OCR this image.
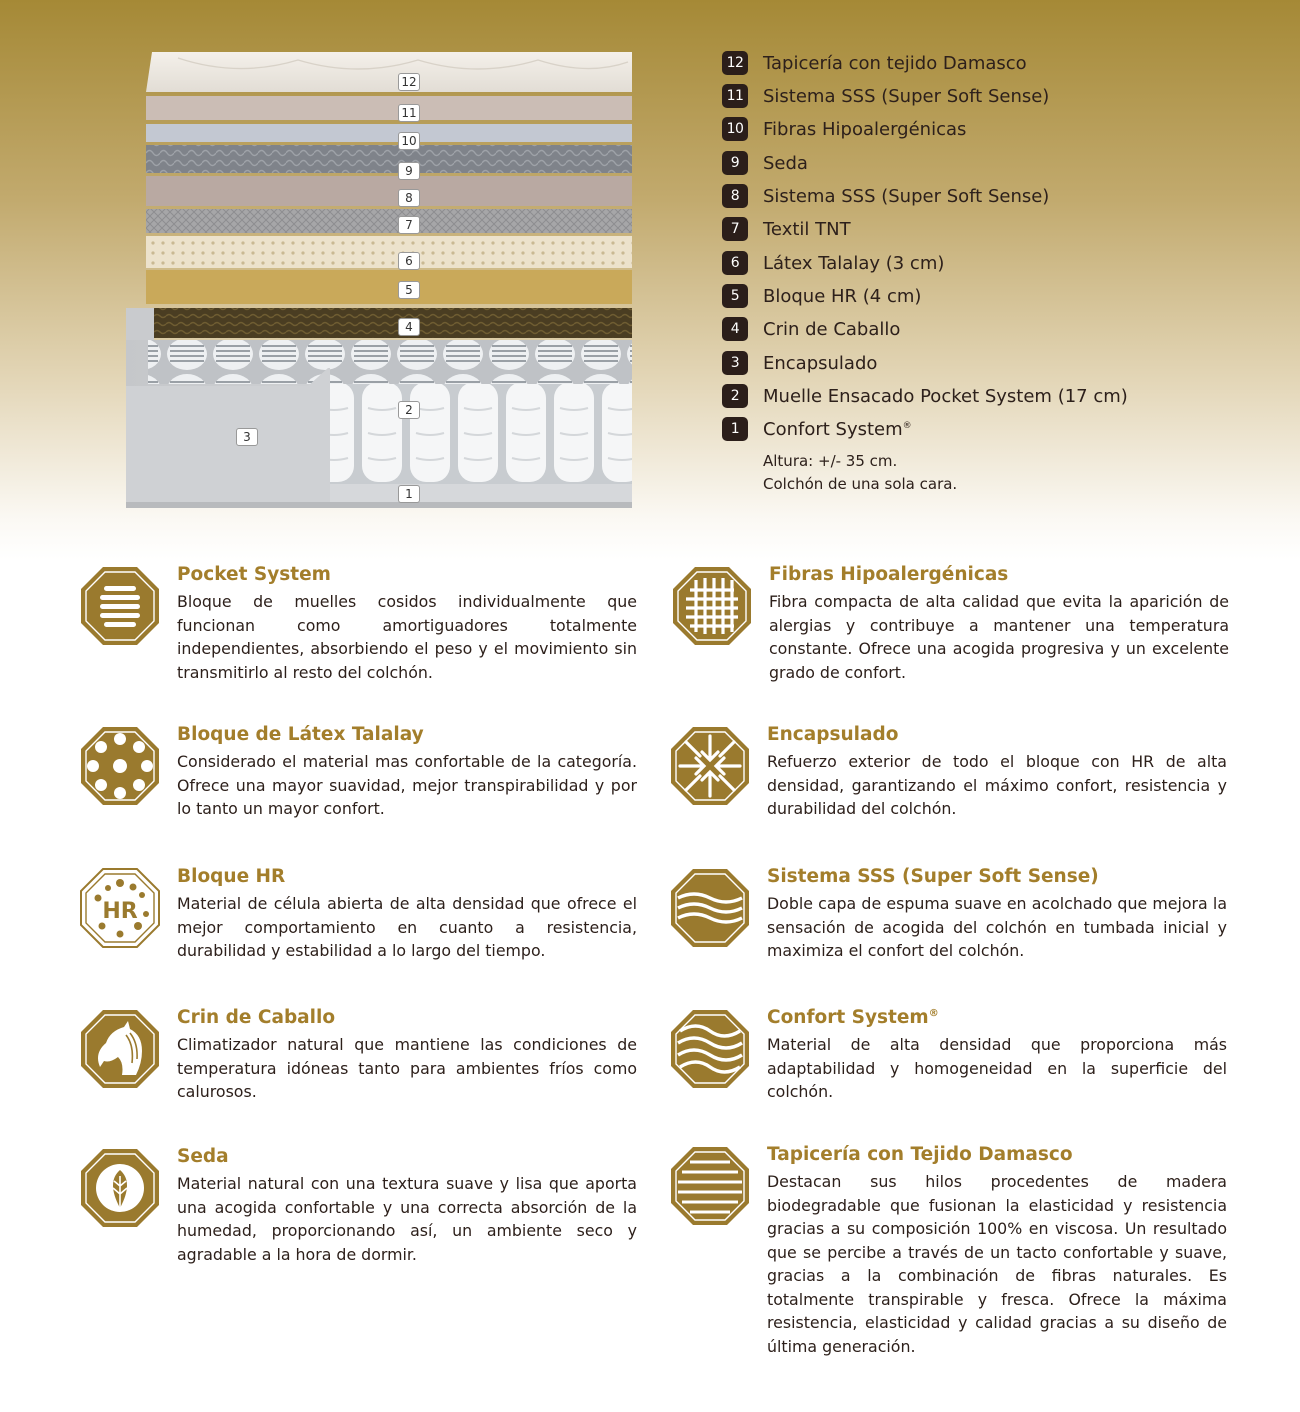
12
11
10
9
8
7
6
5
4
2
3
1
12 Tapicería con tejido Damasco
11 Sistema SSS (Super Soft Sense)
10 Fibras Hipoalergénicas
9	Seda
8	Sistema SSS (Super Soft Sense)
7	Textil TNT
6	Látex Talalay (3 cm)
5	Bloque HR (4 cm)
4	Crin de Caballo
3	Encapsulado
2	Muelle Ensacado Pocket System (17 cm)
1	Confort System®
Altura: +/- 35 cm.
Colchón de una sola cara.
Pocket System

Bloque de muelles cosidos individualmente que funcionan como amortiguadores totalmente independientes, absorbiendo el peso y el movimiento sin transmitirlo al resto del colchón.

Fibras Hipoalergénicas

Fibra compacta de alta calidad que evita la aparición de alergias y contribuye a mantener una temperatura constante. Ofrece una acogida progresiva y un excelente grado de confort.

Bloque de Látex Talalay

Considerado el material mas confortable de la categoría. Ofrece una mayor suavidad, mejor transpirabilidad y por lo tanto un mayor confort.

Encapsulado

Refuerzo exterior de todo el bloque con HR de alta densidad, garantizando el máximo confort, resistencia y durabilidad del colchón.

HR
Bloque HR

Material de célula abierta de alta densidad que ofrece el mejor comportamiento en cuanto a resistencia, durabilidad y estabilidad a lo largo del tiempo.

Sistema SSS (Super Soft Sense)

Doble capa de espuma suave en acolchado que mejora la sensación de acogida del colchón en tumbada inicial y maximiza el confort del colchón.

Crin de Caballo

Climatizador natural que mantiene las condiciones de temperatura idóneas tanto para ambientes fríos como calurosos.

Confort System®

Material de alta densidad que proporciona más adaptabilidad y homogeneidad en la superficie del colchón.

Seda

Material natural con una textura suave y lisa que aporta una acogida confortable y una correcta absorción de la humedad, proporcionando así, un ambiente seco y agradable a la hora de dormir.

Tapicería con Tejido Damasco

Destacan sus hilos procedentes de madera biodegradable que fusionan la elasticidad y resistencia gracias a su composición 100% en viscosa. Un resultado que se percibe a través de un tacto confortable y suave, gracias a la combinación de fibras naturales. Es totalmente transpirable y fresca. Ofrece la máxima resistencia, elasticidad y calidad gracias a su diseño de última generación.
